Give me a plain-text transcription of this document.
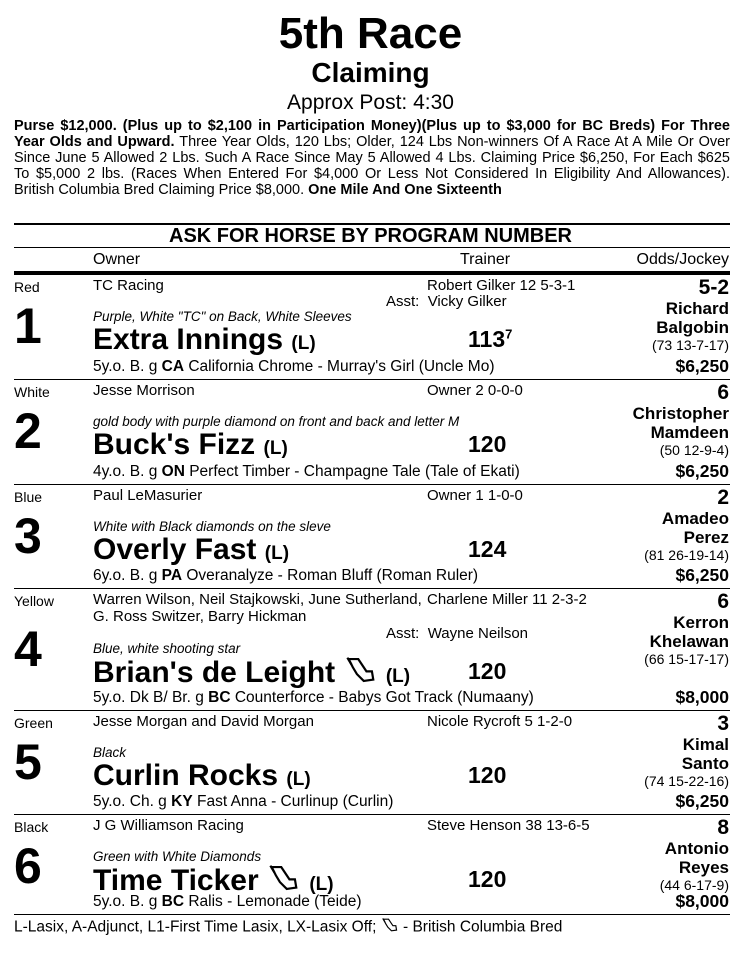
5th Race
Claiming
Approx Post: 4:30
Purse $12,000. (Plus up to $2,100 in Participation Money)(Plus up to $3,000 for BC Breds) For Three Year Olds and Upward. Three Year Olds, 120 Lbs; Older, 124 Lbs Non-winners Of A Race At A Mile Or Over Since June 5 Allowed 2 Lbs. Such A Race Since May 5 Allowed 4 Lbs. Claiming Price $6,250, For Each $625 To $5,000 2 lbs. (Races When Entered For $4,000 Or Less Not Considered In Eligibility And Allowances). British Columbia Bred Claiming Price $8,000. One Mile And One Sixteenth
ASK FOR HORSE BY PROGRAM NUMBER
Owner	Trainer	Odds/Jockey
Red
1
TC Racing	Robert Gilker 12 5-3-1
Asst: Vicky Gilker
Purple, White "TC" on Back, White Sleeves
Extra Innings (L)	$113^7$
5y.o. B. g CA California Chrome - Murray's Girl (Uncle Mo)
5-2
Richard
Balgobin
(73 13-7-17)
$6,250
White
2
Jesse Morrison	Owner 2 0-0-0
gold body with purple diamond on front and back and letter M
Buck's Fizz (L)	120
4y.o. B. g ON Perfect Timber - Champagne Tale (Tale of Ekati)
6
Christopher
Mamdeen
(50 12-9-4)
$6,250
Blue
3
Paul LeMasurier	Owner 1 1-0-0
White with Black diamonds on the sleve
Overly Fast (L)	124
6y.o. B. g PA Overanalyze - Roman Bluff (Roman Ruler)
2
Amadeo
Perez
(81 26-19-14)
$6,250
Yellow
4
Warren Wilson, Neil Stajkowski, June Sutherland, G. Ross Switzer, Barry Hickman
Charlene Miller 11 2-3-2
Asst: Wayne Neilson
Blue, white shooting star
Brian's de Leight	(L)	120
5y.o. Dk B/ Br. g BC Counterforce - Babys Got Track (Numaany)
6
Kerron
Khelawan
(66 15-17-17)
$8,000
Green
5
Jesse Morgan and David Morgan	Nicole Rycroft 5 1-2-0
Black
Curlin Rocks (L)	120
5y.o. Ch. g KY Fast Anna - Curlinup (Curlin)
3
Kimal
Santo
(74 15-22-16)
$6,250
Black
6
J G Williamson Racing	Steve Henson 38 13-6-5
Green with White Diamonds
Time Ticker	(L)	120
5y.o. B. g BC Ralis - Lemonade (Teide)
8
Antonio
Reyes
(44 6-17-9)
$8,000
L-Lasix, A-Adjunct, L1-First Time Lasix, LX-Lasix Off; - British Columbia Bred
